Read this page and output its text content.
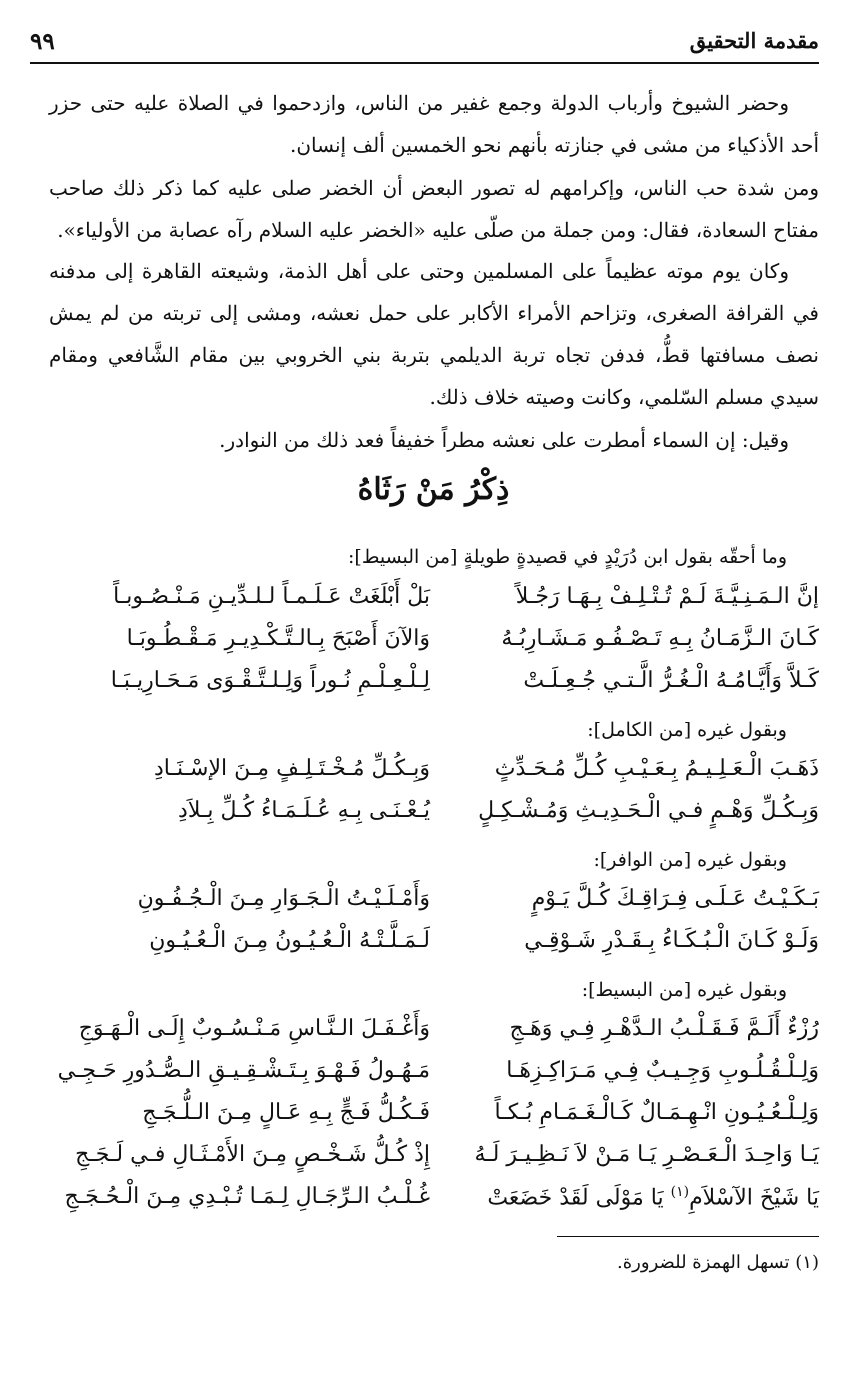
مقدمة التحقيق
٩٩

وحضر الشيوخ وأرباب الدولة وجمع غفير من الناس، وازدحموا في الصلاة عليه حتى حزر أحد الأذكياء من مشى في جنازته بأنهم نحو الخمسين ألف إنسان.

ومن شدة حب الناس، وإكرامهم له تصور البعض أن الخضر صلى عليه كما ذكر ذلك صاحب مفتاح السعادة، فقال: ومن جملة من صلّى عليه «الخضر عليه السلام رآه عصابة من الأولياء».

وكان يوم موته عظيماً على المسلمين وحتى على أهل الذمة، وشيعته القاهرة إلى مدفنه في القرافة الصغرى، وتزاحم الأمراء الأكابر على حمل نعشه، ومشى إلى تربته من لم يمش نصف مسافتها قطُّ، فدفن تجاه تربة الديلمي بتربة بني الخروبي بين مقام الشَّافعي ومقام سيدي مسلم السّلمي، وكانت وصيته خلاف ذلك.

وقيل: إن السماء أمطرت على نعشه مطراً خفيفاً فعد ذلك من النوادر.

ذِكْرُ مَنْ رَثَاهُ
وما أحقّه بقول ابن دُرَيْدٍ في قصيدةٍ طويلةٍ [من البسيط]:
إنَّ الـمَـنِـيَّـةَ لَـمْ تُـتْـلِـفْ بِـهَـا رَجُـلاً
بَلْ أَبْلَغَتْ عَـلَـمـاً لـلـدِّيـنِ مَـنْـصُـوبـاً
كَـانَ الـزَّمَـانُ بِـهِ تَـصْـفُـو مَـشَـارِبُـهُ
وَالآنَ أَصْبَحَ بِـالـتَّـكْـدِيـرِ مَـقْـطُـوبَـا
كَـلاَّ وَأَيَّـامُـهُ الْـغُـرُّ الَّـتـي جُـعِـلَـتْ
لِـلْـعِـلْـمِ نُـوراً وَلِـلـتَّـقْـوَى مَـحَـارِيـبَـا
وبقول غيره [من الكامل]:
ذَهَـبَ الْـعَـلِـيـمُ بِـعَـيْـبِ كُـلِّ مُـحَـدِّثٍ
وَبِـكُـلِّ مُـخْـتَـلِـفٍ مِـنَ الإسْـنَـادِ
وَبِـكُـلِّ وَهْـمٍ فـي الْـحَـدِيـثِ وَمُـشْـكِـلٍ
يُـعْـنَـى بِـهِ عُـلَـمَـاءُ كُـلِّ بِـلاَدِ
وبقول غيره [من الوافر]:
بَـكَـيْـتُ عَـلَـى فِـرَاقِـكَ كُـلَّ يَـوْمٍ
وَأَمْـلَـيْـتُ الْـجَـوَارِ مِـنَ الْـجُـفُـونِ
وَلَـوْ كَـانَ الْـبُـكَـاءُ بِـقَـدْرِ شَـوْقِـي
لَـمَـلَّـتْـهُ الْـعُـيُـونُ مِـنَ الْـعُـيُـونِ
وبقول غيره [من البسيط]:
رُزْءٌ أَلَـمَّ فَـقَـلْـبُ الـدَّهْـرِ فِـي وَهَـجِ
وَأَغْـفَـلَ الـنَّـاسِ مَـنْـسُـوبٌ إِلَـى الْـهَـوَجِ
وَلِـلْـقُـلُـوبِ وَجِـيـبٌ فِـي مَـرَاكِـزِهَـا
مَـهُـولُ فَـهْـوَ بِـتَـشْـقِـيـقِ الـصُّـدُورِ حَـجِـي
وَلِـلْـعُـيُـونِ انْـهِـمَـالٌ كَـالْـغَـمَـامِ بُـكـاً
فَـكُـلُّ فَـجٍّ بِـهِ عَـالٍ مِـنَ الـلُّـجَـجِ
يَـا وَاحِـدَ الْـعَـصْـرِ يَـا مَـنْ لاَ نَـظِـيـرَ لَـهُ
إِذْ كُـلُّ شَـخْـصٍ مِـنَ الأَمْـثَـالِ فـي لَـجَـجِ
يَا شَيْخَ الآسْلاَمِ$^{(١)}$ يَا مَوْلَى لَقَدْ خَضَعَتْ
غُـلْـبُ الـرِّجَـالِ لِـمَـا تُـبْـدِي مِـنَ الْـحُـجَـجِ
(١) تسهل الهمزة للضرورة.
